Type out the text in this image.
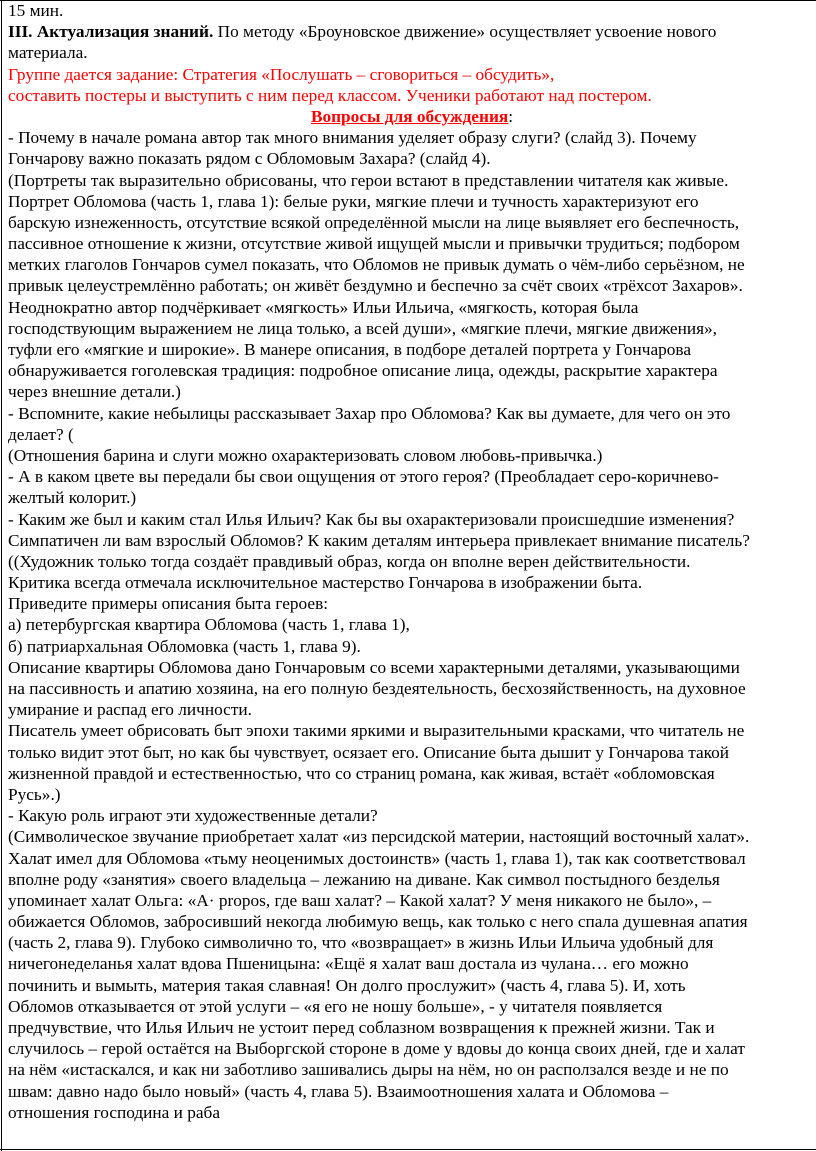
15 мин.
III. Актуализация знаний. По методу «Броуновское движение» осуществляет усвоение нового
материала.
Группе дается задание: Стратегия «Послушать – сговориться – обсудить»,
составить постеры и выступить с ним перед классом. Ученики работают над постером.
Вопросы для обсуждения:
- Почему в начале романа автор так много внимания уделяет образу слуги? (слайд 3). Почему
Гончарову важно показать рядом с Обломовым Захара? (слайд 4).
(Портреты так выразительно обрисованы, что герои встают в представлении читателя как живые.
Портрет Обломова (часть 1, глава 1): белые руки, мягкие плечи и тучность характеризуют его
барскую изнеженность, отсутствие всякой определённой мысли на лице выявляет его беспечность,
пассивное отношение к жизни, отсутствие живой ищущей мысли и привычки трудиться; подбором
метких глаголов Гончаров сумел показать, что Обломов не привык думать о чём-либо серьёзном, не
привык целеустремлённо работать; он живёт бездумно и беспечно за счёт своих «трёхсот Захаров».
Неоднократно автор подчёркивает «мягкость» Ильи Ильича, «мягкость, которая была
господствующим выражением не лица только, а всей души», «мягкие плечи, мягкие движения»,
туфли его «мягкие и широкие». В манере описания, в подборе деталей портрета у Гончарова
обнаруживается гоголевская традиция: подробное описание лица, одежды, раскрытие характера
через внешние детали.)
- Вспомните, какие небылицы рассказывает Захар про Обломова? Как вы думаете, для чего он это
делает? (
(Отношения барина и слуги можно охарактеризовать словом любовь-привычка.)
- А в каком цвете вы передали бы свои ощущения от этого героя? (Преобладает серо-коричнево-
желтый колорит.)
- Каким же был и каким стал Илья Ильич? Как бы вы охарактеризовали происшедшие изменения?
Симпатичен ли вам взрослый Обломов? К каким деталям интерьера привлекает внимание писатель?
((Художник только тогда создаёт правдивый образ, когда он вполне верен действительности.
Критика всегда отмечала исключительное мастерство Гончарова в изображении быта.
Приведите примеры описания быта героев:
а) петербургская квартира Обломова (часть 1, глава 1),
б) патриархальная Обломовка (часть 1, глава 9).
Описание квартиры Обломова дано Гончаровым со всеми характерными деталями, указывающими
на пассивность и апатию хозяина, на его полную бездеятельность, бесхозяйственность, на духовное
умирание и распад его личности.
Писатель умеет обрисовать быт эпохи такими яркими и выразительными красками, что читатель не
только видит этот быт, но как бы чувствует, осязает его. Описание быта дышит у Гончарова такой
жизненной правдой и естественностью, что со страниц романа, как живая, встаёт «обломовская
Русь».)
- Какую роль играют эти художественные детали?
(Символическое звучание приобретает халат «из персидской материи, настоящий восточный халат».
Халат имел для Обломова «тьму неоценимых достоинств» (часть 1, глава 1), так как соответствовал
вполне роду «занятия» своего владельца – лежанию на диване. Как символ постыдного безделья
упоминает халат Ольга: «А· propos, где ваш халат? – Какой халат? У меня никакого не было», –
обижается Обломов, забросивший некогда любимую вещь, как только с него спала душевная апатия
(часть 2, глава 9). Глубоко символично то, что «возвращает» в жизнь Ильи Ильича удобный для
ничегонеделанья халат вдова Пшеницына: «Ещё я халат ваш достала из чулана… его можно
починить и вымыть, материя такая славная! Он долго прослужит» (часть 4, глава 5). И, хоть
Обломов отказывается от этой услуги – «я его не ношу больше», - у читателя появляется
предчувствие, что Илья Ильич не устоит перед соблазном возвращения к прежней жизни. Так и
случилось – герой остаётся на Выборгской стороне в доме у вдовы до конца своих дней, где и халат
на нём «истаскался, и как ни заботливо зашивались дыры на нём, но он расползался везде и не по
швам: давно надо было новый» (часть 4, глава 5). Взаимоотношения халата и Обломова –
отношения господина и раба
